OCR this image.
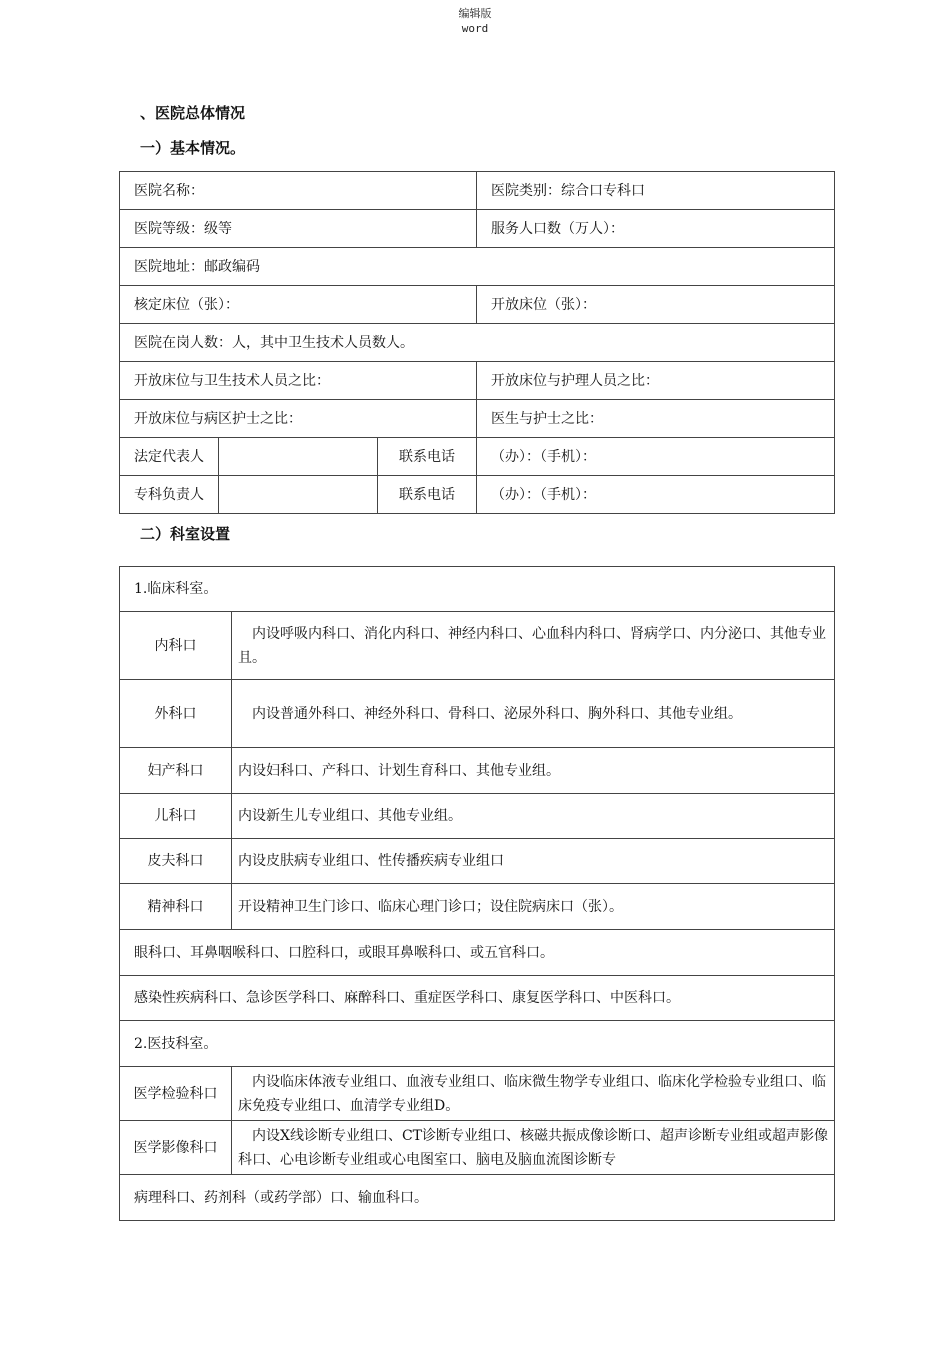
编辑版
word
、医院总体情况
一）基本情况。
医院名称：			医院类别：综合口专科口
医院等级：级等			服务人口数（万人）：
医院地址：邮政编码			
核定床位（张）：			开放床位（张）：
医院在岗人数：人，其中卫生技术人员数人。			
开放床位与卫生技术人员之比：			开放床位与护理人员之比：
开放床位与病区护士之比：			医生与护士之比：
法定代表人		联系电话	（办）：（手机）：
专科负责人		联系电话	（办）：（手机）：
二）科室设置
1.临床科室。	
内科口	内设呼吸内科口、消化内科口、神经内科口、心血科内科口、肾病学口、内分泌口、其他专业且。
外科口	内设普通外科口、神经外科口、骨科口、泌尿外科口、胸外科口、其他专业组。
妇产科口	内设妇科口、产科口、计划生育科口、其他专业组。
儿科口	内设新生儿专业组口、其他专业组。
皮夫科口	内设皮肤病专业组口、性传播疾病专业组口
精神科口	开设精神卫生门诊口、临床心理门诊口；设住院病床口（张）。
眼科口、耳鼻咽喉科口、口腔科口，或眼耳鼻喉科口、或五官科口。	
感染性疾病科口、急诊医学科口、麻醉科口、重症医学科口、康复医学科口、中医科口。	
2.医技科室。	
医学检验科口	内设临床体液专业组口、血液专业组口、临床微生物学专业组口、临床化学检验专业组口、临床免疫专业组口、血清学专业组D。
医学影像科口	内设X线诊断专业组口、CT诊断专业组口、核磁共振成像诊断口、超声诊断专业组或超声影像科口、心电诊断专业组或心电图室口、脑电及脑血流图诊断专
病理科口、药剂科（或药学部）口、输血科口。	
